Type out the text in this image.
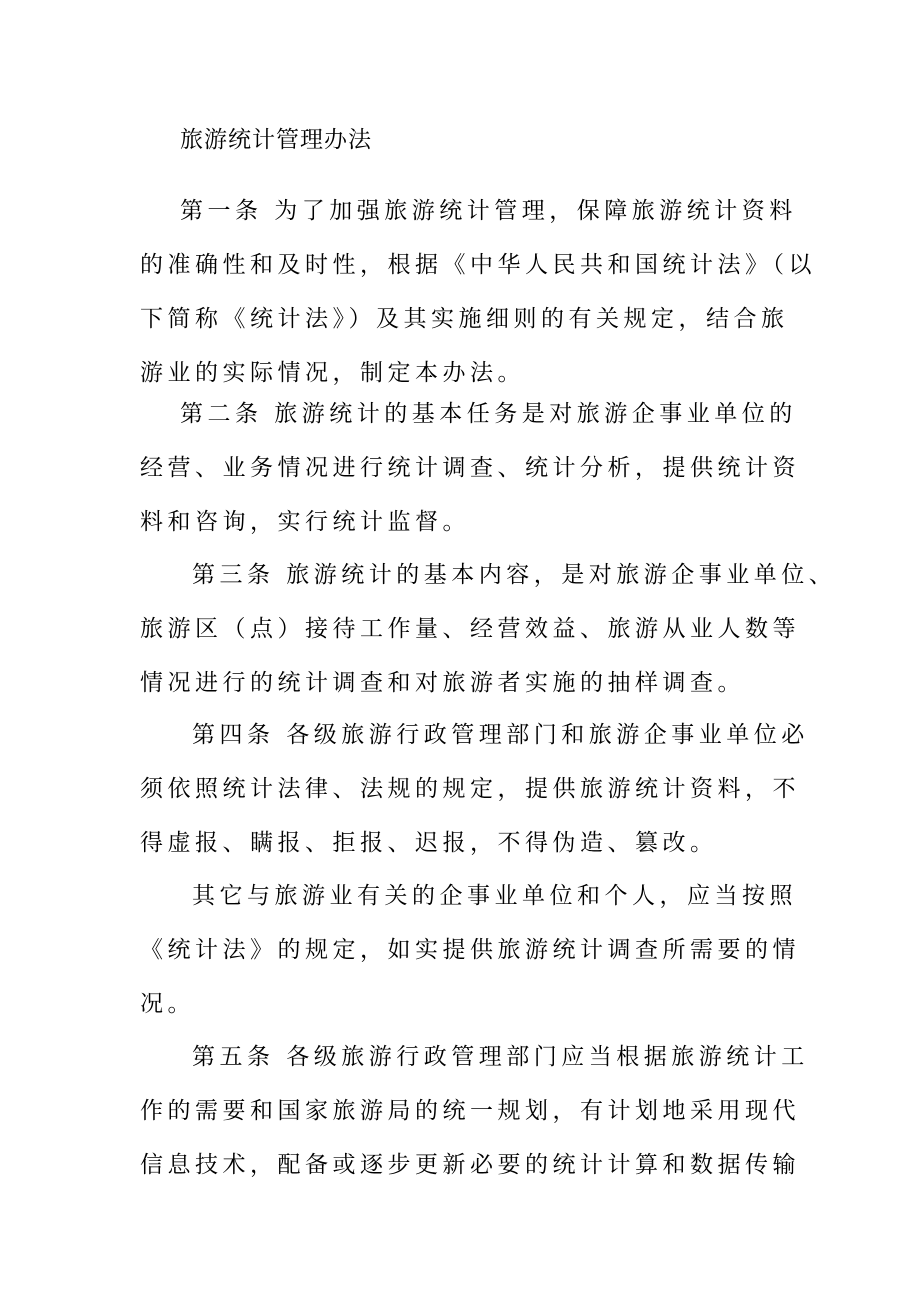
旅游统计管理办法
第一条 为了加强旅游统计管理，保障旅游统计资料
的准确性和及时性，根据《中华人民共和国统计法》（以
下简称《统计法》）及其实施细则的有关规定，结合旅
游业的实际情况，制定本办法。
第二条 旅游统计的基本任务是对旅游企事业单位的
经营、业务情况进行统计调查、统计分析，提供统计资
料和咨询，实行统计监督。
第三条 旅游统计的基本内容，是对旅游企事业单位、
旅游区（点）接待工作量、经营效益、旅游从业人数等
情况进行的统计调查和对旅游者实施的抽样调查。
第四条 各级旅游行政管理部门和旅游企事业单位必
须依照统计法律、法规的规定，提供旅游统计资料，不
得虚报、瞒报、拒报、迟报，不得伪造、篡改。
其它与旅游业有关的企事业单位和个人，应当按照
《统计法》的规定，如实提供旅游统计调查所需要的情
况。
第五条 各级旅游行政管理部门应当根据旅游统计工
作的需要和国家旅游局的统一规划，有计划地采用现代
信息技术，配备或逐步更新必要的统计计算和数据传输
